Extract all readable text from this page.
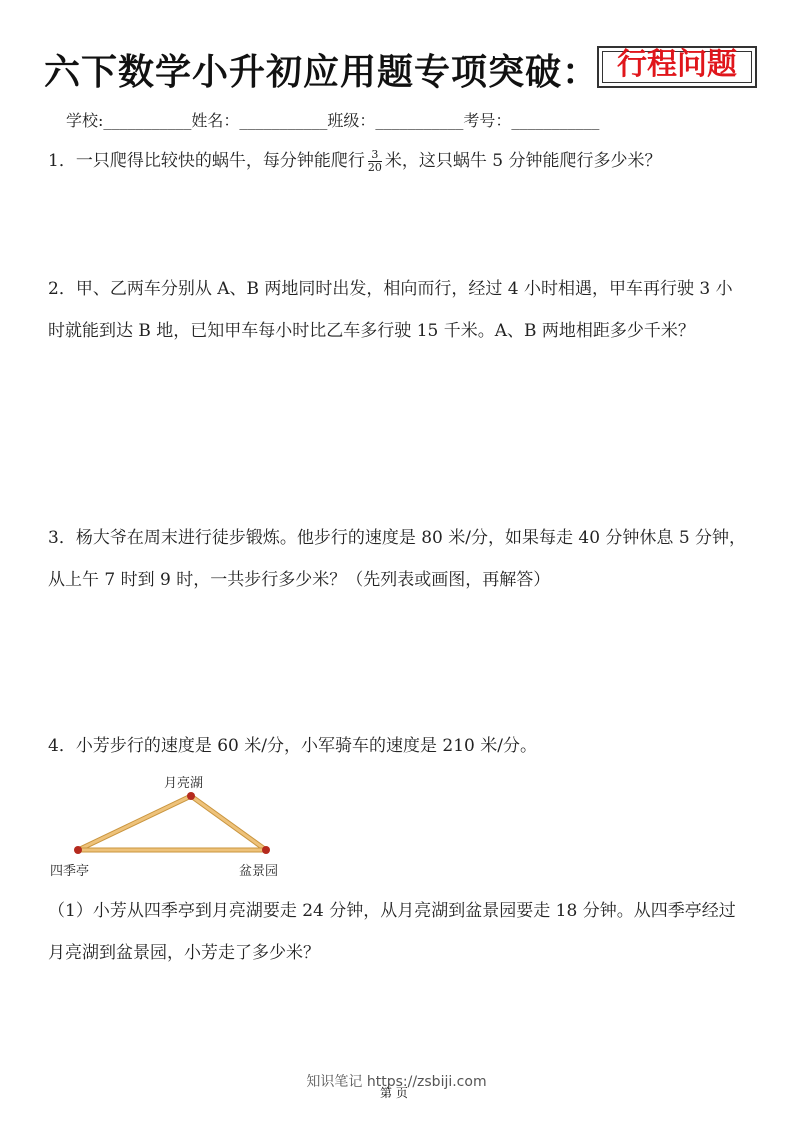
六下数学小升初应用题专项突破： 行程问题
学校:___________姓名：___________班级：___________考号：___________
1．一只爬得比较快的蜗牛，每分钟能爬行 $\frac{3}{20}$ 米，这只蜗牛 5 分钟能爬行多少米？
2．甲、乙两车分别从 A、B 两地同时出发，相向而行，经过 4 小时相遇，甲车再行驶 3 小时就能到达 B 地，已知甲车每小时比乙车多行驶 15 千米。A、B 两地相距多少千米？
3．杨大爷在周末进行徒步锻炼。他步行的速度是 80 米/分，如果每走 40 分钟休息 5 分钟，从上午 7 时到 9 时，一共步行多少米？（先列表或画图，再解答）
4．小芳步行的速度是 60 米/分，小军骑车的速度是 210 米/分。
月亮湖
四季亭	盆景园
（1）小芳从四季亭到月亮湖要走 24 分钟，从月亮湖到盆景园要走 18 分钟。从四季亭经过月亮湖到盆景园，小芳走了多少米？
知识笔记 https://zsbiji.com
第 页
